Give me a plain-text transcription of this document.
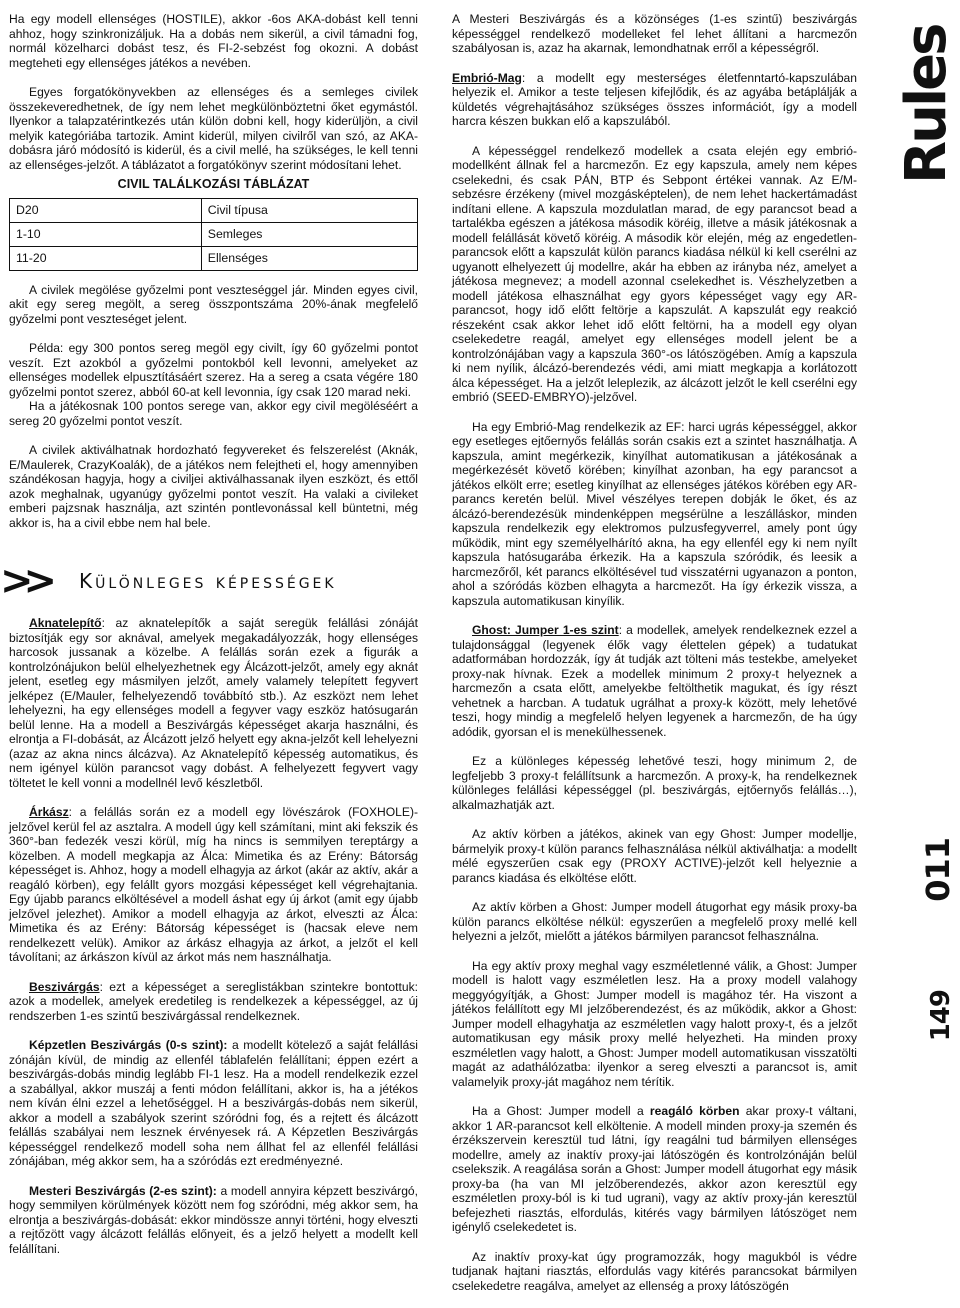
Ha egy modell ellenséges (HOSTILE), akkor -6os AKA-dobást kell tenni ahhoz, hogy szinkronizáljuk. Ha a dobás nem sikerül, a civil támadni fog, normál közelharci dobást tesz, és FI-2-sebzést fog okozni. A dobást megteheti egy ellenséges játékos a nevében.

Egyes forgatókönyvekben az ellenséges és a semleges civilek összekeveredhetnek, de így nem lehet megkülönböztetni őket egymástól. Ilyenkor a talapzatérintkezés után külön dobni kell, hogy kiderüljön, a civil melyik kategóriába tartozik. Amint kiderül, milyen civilről van szó, az AKA-dobásra járó módosító is kiderül, és a civil mellé, ha szükséges, le kell tenni az ellenséges-jelzőt. A táblázatot a forgatókönyv szerint módosítani lehet.

CIVIL TALÁLKOZÁSI TÁBLÁZAT
D20	Civil típusa
1-10	Semleges
11-20	Ellenséges

A civilek megölése győzelmi pont veszteséggel jár. Minden egyes civil, akit egy sereg megölt, a sereg összpontszáma 20%-ának megfelelő győzelmi pont veszteséget jelent.

Példa: egy 300 pontos sereg megöl egy civilt, így 60 győzelmi pontot veszít. Ezt azokból a győzelmi pontokból kell levonni, amelyeket az ellenséges modellek elpusztításáért szerez. Ha a sereg a csata végére 180 győzelmi pontot szerez, abból 60-at kell levonnia, így csak 120 marad neki.

Ha a játékosnak 100 pontos serege van, akkor egy civil megöléséért a sereg 20 győzelmi pontot veszít.

A civilek aktiválhatnak hordozható fegyvereket és felszerelést (Aknák, E/Maulerek, CrazyKoalák), de a játékos nem felejtheti el, hogy amennyiben szándékosan hagyja, hogy a civiljei aktiválhassanak ilyen eszközt, és ettől azok meghalnak, ugyanúgy győzelmi pontot veszít. Ha valaki a civileket emberi pajzsnak használja, azt szintén pontlevonással kell büntetni, még akkor is, ha a civil ebbe nem hal bele.

>> Különleges képességek

Aknatelepítő: az aknatelepítők a saját seregük felállási zónáját biztosítják egy sor aknával, amelyek megakadályozzák, hogy ellenséges harcosok jussanak a közelbe. A felállás során ezek a figurák a kontrolzónájukon belül elhelyezhetnek egy Álcázott-jelzőt, amely egy aknát jelent, esetleg egy másmilyen jelzőt, amely valamely telepített fegyvert jelképez (E/Mauler, felhelyezendő továbbító stb.). Az eszközt nem lehet lehelyezni, ha egy ellenséges modell a fegyver vagy eszköz hatósugarán belül lenne. Ha a modell a Beszivárgás képességet akarja használni, és elrontja a FI-dobását, az Álcázott jelző helyett egy akna-jelzőt kell lehelyezni (azaz az akna nincs álcázva). Az Aknatelepítő képesség automatikus, és nem igényel külön parancsot vagy dobást. A felhelyezett fegyvert vagy töltetet le kell vonni a modellnél levő készletből.

Árkász: a felállás során ez a modell egy lövészárok (FOXHOLE)-jelzővel kerül fel az asztalra. A modell úgy kell számítani, mint aki fekszik és 360°-ban fedezék veszi körül, míg ha nincs is semmilyen tereptárgy a közelben. A modell megkapja az Álca: Mimetika és az Erény: Bátorság képességet is. Ahhoz, hogy a modell elhagyja az árkot (akár az aktív, akár a reagáló körben), egy felállt gyors mozgási képességet kell végrehajtania. Egy újabb parancs elköltésével a modell áshat egy új árkot (amit egy újabb jelzővel jelezhet). Amikor a modell elhagyja az árkot, elveszti az Álca: Mimetika és az Erény: Bátorság képességet is (hacsak eleve nem rendelkezett velük). Amikor az árkász elhagyja az árkot, a jelzőt el kell távolítani; az árkászon kívül az árkot más nem használhatja.

Beszivárgás: ezt a képességet a sereglistákban szintekre bontottuk: azok a modellek, amelyek eredetileg is rendelkezek a képességgel, az új rendszerben 1-es szintű beszivárgással rendelkeznek.

Képzetlen Beszivárgás (0-s szint): a modellt kötelező a saját felállási zónáján kívül, de mindig az ellenfél táblafelén felállítani; éppen ezért a beszivárgás-dobás mindig leglább FI-1 lesz. Ha a modell rendelkezik ezzel a szabállyal, akkor muszáj a fenti módon felállítani, akkor is, ha a jétékos nem kíván élni ezzel a lehetőséggel. H a beszivárgás-dobás nem sikerül, akkor a modell a szabályok szerint szóródni fog, és a rejtett és álcázott felállás szabályai nem lesznek érvényesek rá. A Képzetlen Beszivárgás képességgel rendelkező modell soha nem állhat fel az ellenfél felállási zónájában, még akkor sem, ha a szóródás ezt eredményezné.

Mesteri Beszivárgás (2-es szint): a modell annyira képzett beszivárgó, hogy semmilyen körülmények között nem fog szóródni, még akkor sem, ha elrontja a beszivárgás-dobását: ekkor mindössze annyi történi, hogy elveszti a rejtőzött vagy álcázott felállás előnyeit, és a jelző helyett a modellt kell felállítani.

A Mesteri Beszivárgás és a közönséges (1-es szintű) beszivárgás képességgel rendelkező modelleket fel lehet állítani a harcmezőn szabályosan is, azaz ha akarnak, lemondhatnak erről a képességről.

Embrió-Mag: a modellt egy mesterséges életfenntartó-kapszulában helyezik el. Amikor a teste teljesen kifejlődik, és az agyába betáplálják a küldetés végrehajtásához szükséges összes információt, így a modell harcra készen bukkan elő a kapszulából.

A képességgel rendelkező modellek a csata elején egy embrió-modellként állnak fel a harcmezőn. Ez egy kapszula, amely nem képes cselekedni, és csak PÁN, BTP és Sebpont értékei vannak. Az E/M-sebzésre érzékeny (mivel mozgásképtelen), de nem lehet hackertámadást indítani ellene. A kapszula mozdulatlan marad, de egy parancsot bead a tartalékba egészen a játékosa második köréig, illetve a másik játékosnak a modell felállását követő köréig. A második kör elején, még az engedetlen-parancsok előtt a kapszulát külön parancs kiadása nélkül ki kell cserélni az ugyanott elhelyezett új modellre, akár ha ebben az irányba néz, amelyet a játékosa megnevez; a modell azonnal cselekedhet is. Vészhelyzetben a modell játékosa elhasználhat egy gyors képességet vagy egy AR-parancsot, hogy idő előtt feltörje a kapszulát. A kapszulát egy reakció részeként csak akkor lehet idő előtt feltörni, ha a modell egy olyan cselekedetre reagál, amelyet egy ellenséges modell jelent be a kontrolzónájában vagy a kapszula 360°-os látószögében. Amíg a kapszula ki nem nyílik, álcázó-berendezés védi, ami miatt megkapja a korlátozott álca képességet. Ha a jelzőt leleplezik, az álcázott jelzőt le kell cserélni egy embrió (SEED-EMBRYO)-jelzővel.

Ha egy Embrió-Mag rendelkezik az EF: harci ugrás képességgel, akkor egy esetleges ejtőernyős felállás során csakis ezt a szintet használhatja. A kapszula, amint megérkezik, kinyílhat automatikusan a játékosának a megérkezését követő körében; kinyílhat azonban, ha egy parancsot a játékos elkölt erre; esetleg kinyílhat az ellenséges játékos körében egy AR-parancs keretén belül. Mivel vészélyes terepen dobják le őket, és az álcázó-berendezésük mindenképpen megsérülne a leszálláskor, minden kapszula rendelkezik egy elektromos pulzusfegyverrel, amely pont úgy működik, mint egy személyelhárító akna, ha egy ellenfél egy ki nem nyílt kapszula hatósugarába érkezik. Ha a kapszula szóródik, és leesik a harcmezőről, két parancs elköltésével tud visszatérni ugyanazon a ponton, ahol a szóródás közben elhagyta a harcmezőt. Ha így érkezik vissza, a kapszula automatikusan kinyílik.

Ghost: Jumper 1-es szint: a modellek, amelyek rendelkeznek ezzel a tulajdonsággal (legyenek élők vagy élettelen gépek) a tudatukat adatformában hordozzák, így át tudják azt tölteni más testekbe, amelyeket proxy-nak hívnak. Ezek a modellek minimum 2 proxy-t helyeznek a harcmezőn a csata előtt, amelyekbe feltölthetik magukat, és így részt vehetnek a harcban. A tudatuk ugrálhat a proxy-k között, mely lehetővé teszi, hogy mindig a megfelelő helyen legyenek a harcmezőn, de ha úgy adódik, gyorsan el is menekülhessenek.

Ez a különleges képesség lehetővé teszi, hogy minimum 2, de legfeljebb 3 proxy-t felállítsunk a harcmezőn. A proxy-k, ha rendelkeznek különleges felállási képességgel (pl. beszivárgás, ejtőernyős felállás…), alkalmazhatják azt.

Az aktív körben a játékos, akinek van egy Ghost: Jumper modellje, bármelyik proxy-t külön parancs felhasználása nélkül aktiválhatja: a modellt mélé egyszerűen csak egy (PROXY ACTIVE)-jelzőt kell helyeznie a parancs kiadása és elköltése előtt.

Az aktív körben a Ghost: Jumper modell átugorhat egy másik proxy-ba külön parancs elköltése nélkül: egyszerűen a megfelelő proxy mellé kell helyezni a jelzőt, mielőtt a játékos bármilyen parancsot felhasználna.

Ha egy aktív proxy meghal vagy eszméletlenné válik, a Ghost: Jumper modell is halott vagy eszméletlen lesz. Ha a proxy modell valahogy meggyógyítják, a Ghost: Jumper modell is magához tér. Ha viszont a játékos felállított egy MI jelzőberendezést, és az működik, akkor a Ghost: Jumper modell elhagyhatja az eszméletlen vagy halott proxy-t, és a jelzőt automatikusan egy másik proxy mellé helyezheti. Ha minden proxy eszméletlen vagy halott, a Ghost: Jumper modell automatikusan visszatölti magát az adathálózatba: ilyenkor a sereg elveszti a parancsot is, amit valamelyik proxy-ját magához nem térítik.

Ha a Ghost: Jumper modell a reagáló körben akar proxy-t váltani, akkor 1 AR-parancsot kell elköltenie. A modell minden proxy-ja szemén és érzékszervein keresztül tud látni, így reagálni tud bármilyen ellenséges modellre, amely az inaktív proxy-jai látószögén és kontrolzónáján belül cselekszik. A reagálása során a Ghost: Jumper modell átugorhat egy másik proxy-ba (ha van MI jelzőberendezés, akkor azon keresztül egy eszméletlen proxy-ból is ki tud ugrani), vagy az aktív proxy-ján keresztül befejezheti riasztás, elfordulás, kitérés vagy bármilyen látószöget nem igénylő cselekedetet is.

Az inaktív proxy-kat úgy programozzák, hogy magukból is védre tudjanak hajtani riasztás, elfordulás vagy kitérés parancsokat bármilyen cselekedetre reagálva, amelyet az ellenség a proxy látószögén

Rules
011
149
